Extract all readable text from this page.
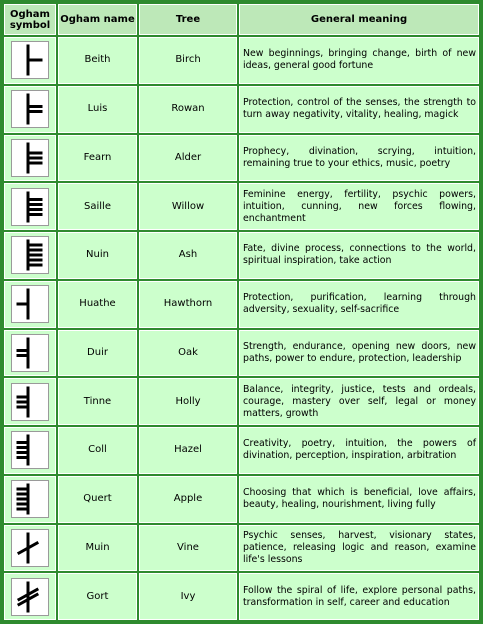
Ogham symbol	Ogham name	Tree	General meaning

	Beith	Birch	New beginnings, bringing change, birth of new ideas, general good fortune

	Luis	Rowan	Protection, control of the senses, the strength to turn away negativity, vitality, healing, magick

	Fearn	Alder	Prophecy, divination, scrying, intuition, remaining true to your ethics, music, poetry

	Saille	Willow	Feminine energy, fertility, psychic powers, intuition, cunning, new forces flowing, enchantment

	Nuin	Ash	Fate, divine process, connections to the world, spiritual inspiration, take action

	Huathe	Hawthorn	Protection, purification, learning through adversity, sexuality, self-sacrifice

	Duir	Oak	Strength, endurance, opening new doors, new paths, power to endure, protection, leadership

	Tinne	Holly	Balance, integrity, justice, tests and ordeals, courage, mastery over self, legal or money matters, growth

	Coll	Hazel	Creativity, poetry, intuition, the powers of divination, perception, inspiration, arbitration

	Quert	Apple	Choosing that which is beneficial, love affairs, beauty, healing, nourishment, living fully

	Muin	Vine	Psychic senses, harvest, visionary states, patience, releasing logic and reason, examine life's lessons

	Gort	Ivy	Follow the spiral of life, explore personal paths, transformation in self, career and education
